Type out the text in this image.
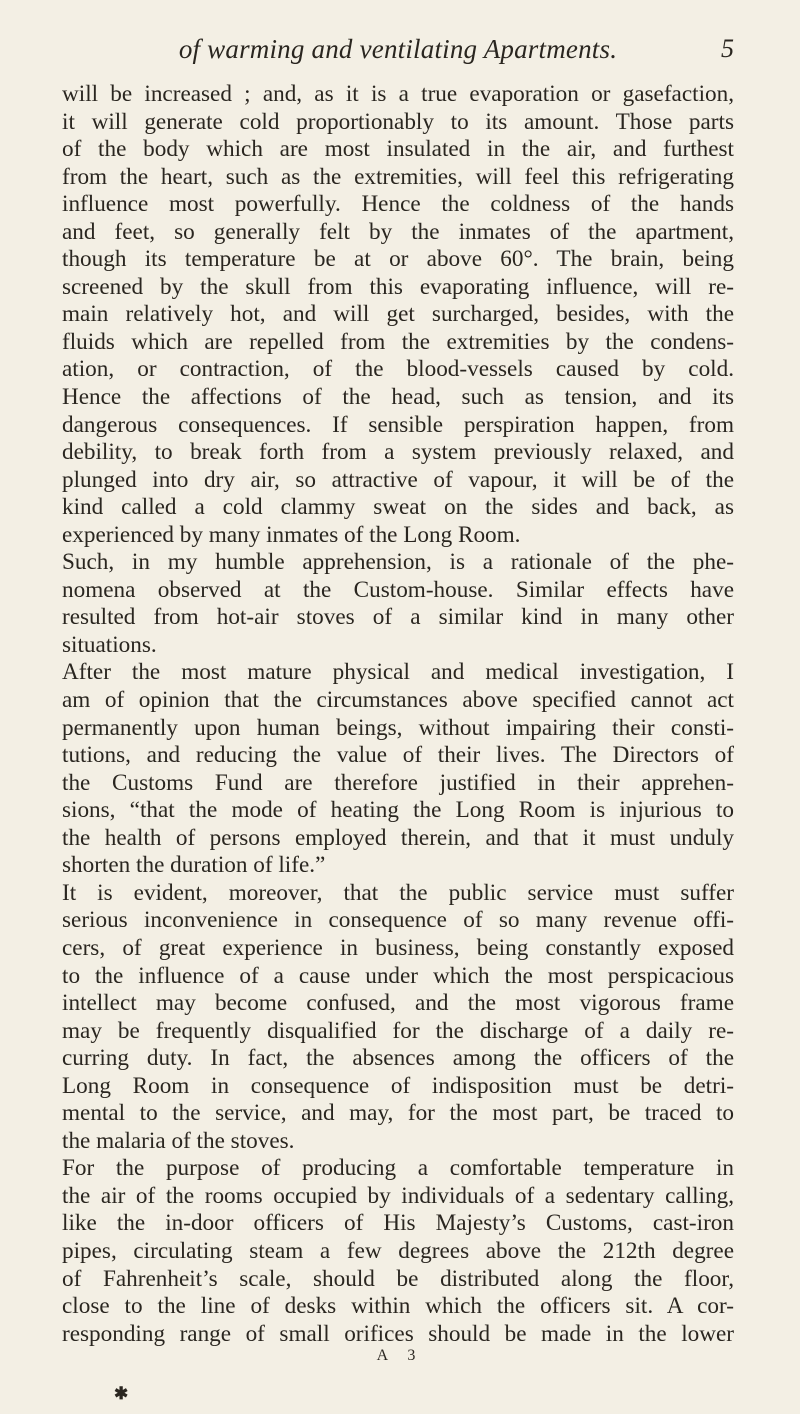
of warming and ventilating Apartments.	5
will be increased ; and, as it is a true evaporation or gasefaction,
it will generate cold proportionably to its amount. Those parts
of the body which are most insulated in the air, and furthest
from the heart, such as the extremities, will feel this refrigerating
influence most powerfully. Hence the coldness of the hands
and feet, so generally felt by the inmates of the apartment,
though its temperature be at or above 60°. The brain, being
screened by the skull from this evaporating influence, will re-
main relatively hot, and will get surcharged, besides, with the
fluids which are repelled from the extremities by the condens-
ation, or contraction, of the blood-vessels caused by cold.
Hence the affections of the head, such as tension, and its
dangerous consequences. If sensible perspiration happen, from
debility, to break forth from a system previously relaxed, and
plunged into dry air, so attractive of vapour, it will be of the
kind called a cold clammy sweat on the sides and back, as
experienced by many inmates of the Long Room.
Such, in my humble apprehension, is a rationale of the phe-
nomena observed at the Custom-house. Similar effects have
resulted from hot-air stoves of a similar kind in many other
situations.
After the most mature physical and medical investigation, I
am of opinion that the circumstances above specified cannot act
permanently upon human beings, without impairing their consti-
tutions, and reducing the value of their lives. The Directors of
the Customs Fund are therefore justified in their apprehen-
sions, “that the mode of heating the Long Room is injurious to
the health of persons employed therein, and that it must unduly
shorten the duration of life.”
It is evident, moreover, that the public service must suffer
serious inconvenience in consequence of so many revenue offi-
cers, of great experience in business, being constantly exposed
to the influence of a cause under which the most perspicacious
intellect may become confused, and the most vigorous frame
may be frequently disqualified for the discharge of a daily re-
curring duty. In fact, the absences among the officers of the
Long Room in consequence of indisposition must be detri-
mental to the service, and may, for the most part, be traced to
the malaria of the stoves.
For the purpose of producing a comfortable temperature in
the air of the rooms occupied by individuals of a sedentary calling,
like the in-door officers of His Majesty’s Customs, cast-iron
pipes, circulating steam a few degrees above the 212th degree
of Fahrenheit’s scale, should be distributed along the floor,
close to the line of desks within which the officers sit. A cor-
responding range of small orifices should be made in the lower
A 3
✱
